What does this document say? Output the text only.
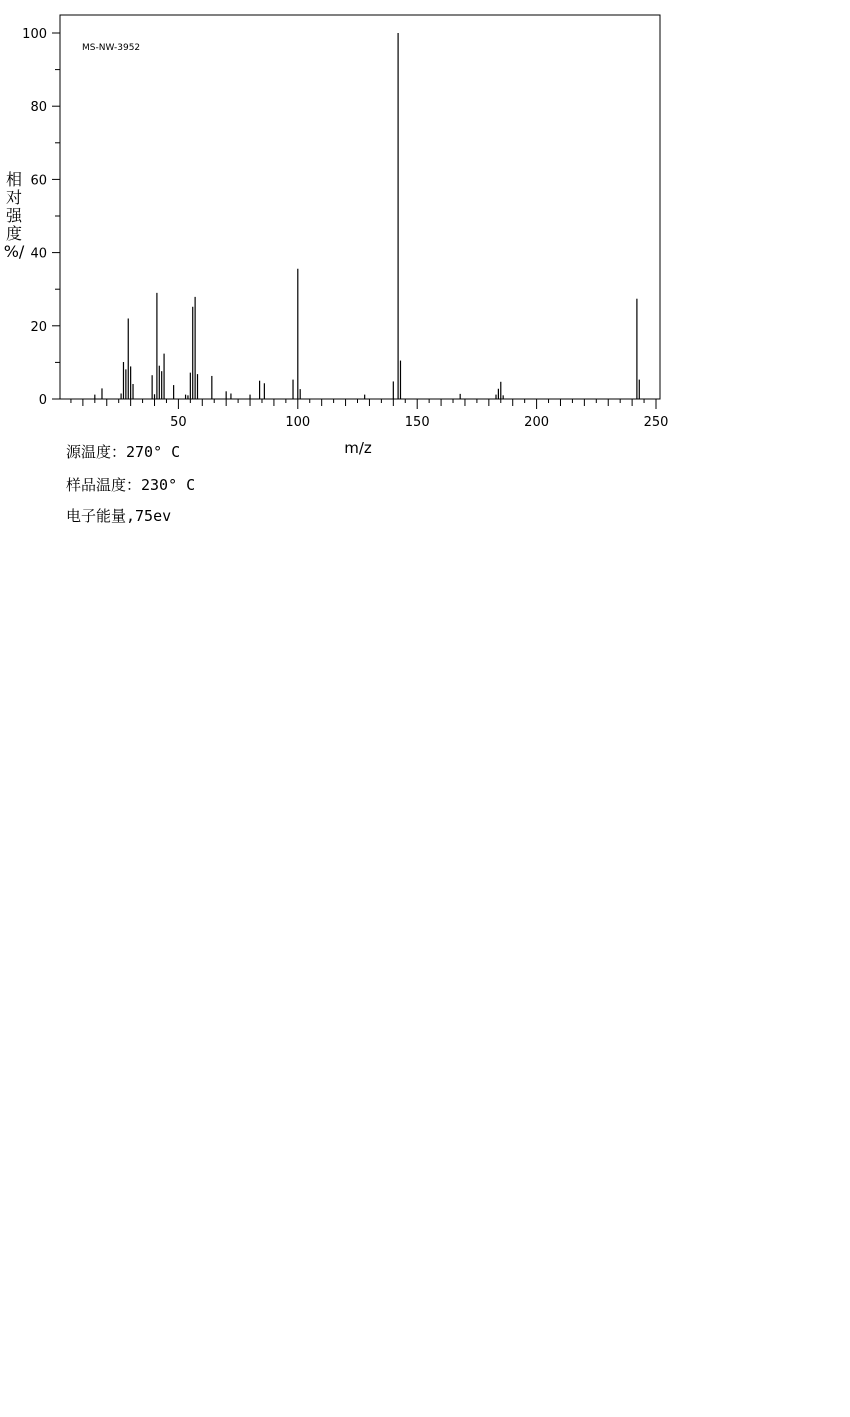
0
20
40
60
80
100
50	100	150	200	250
MS-NW-3952
m/z
相
对
强
度
%/
源温度：270° C
样品温度：230° C
电子能量,75ev
